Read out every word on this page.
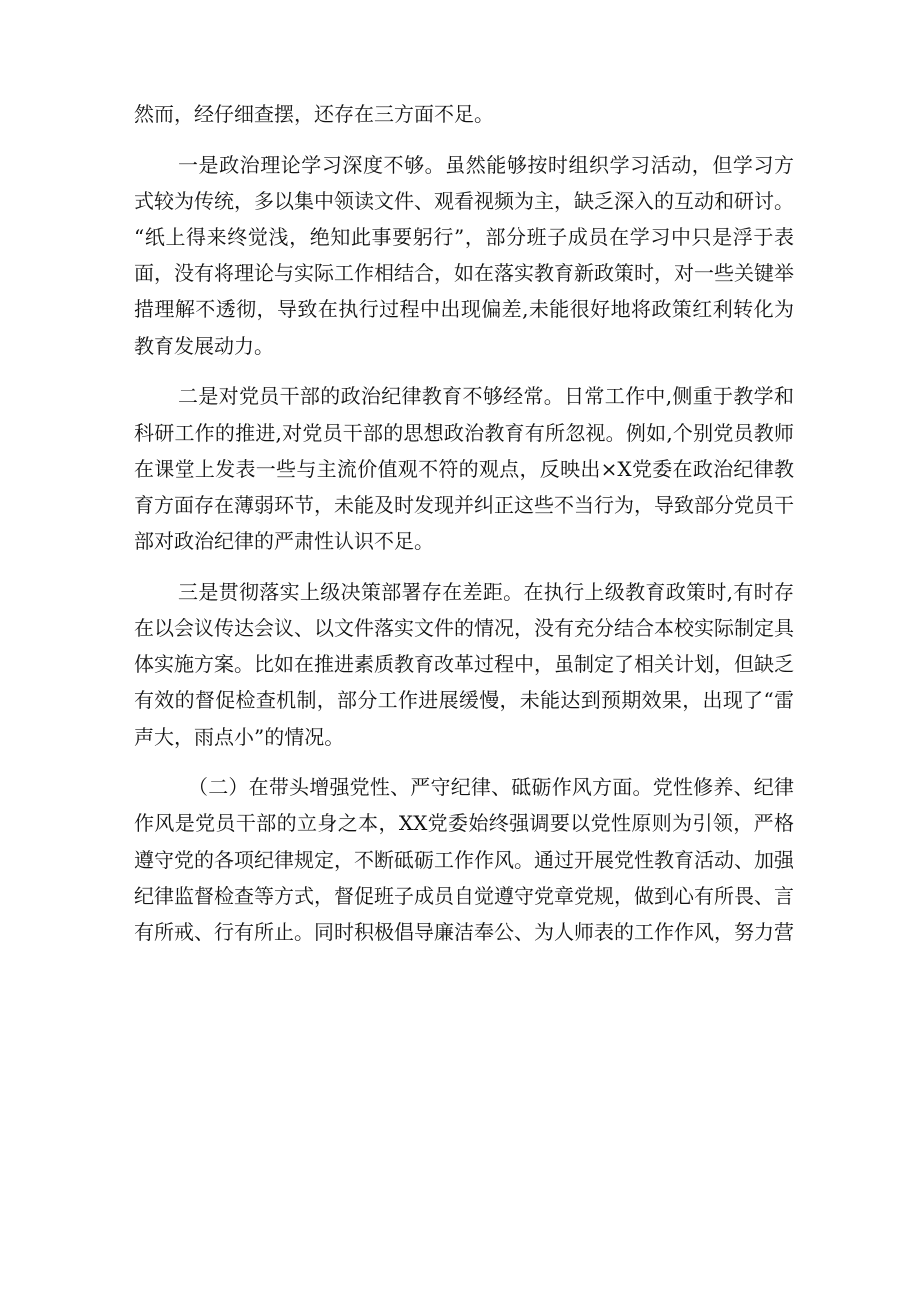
然而，经仔细查摆，还存在三方面不足。
一是政治理论学习深度不够。虽然能够按时组织学习活动，但学习方
式较为传统，多以集中领读文件、观看视频为主，缺乏深入的互动和研讨。
“纸上得来终觉浅，绝知此事要躬行”，部分班子成员在学习中只是浮于表
面，没有将理论与实际工作相结合，如在落实教育新政策时，对一些关键举
措理解不透彻，导致在执行过程中出现偏差,未能很好地将政策红利转化为
教育发展动力。
二是对党员干部的政治纪律教育不够经常。日常工作中,侧重于教学和
科研工作的推进,对党员干部的思想政治教育有所忽视。例如,个别党员教师
在课堂上发表一些与主流价值观不符的观点，反映出×X党委在政治纪律教
育方面存在薄弱环节，未能及时发现并纠正这些不当行为，导致部分党员干
部对政治纪律的严肃性认识不足。
三是贯彻落实上级决策部署存在差距。在执行上级教育政策时,有时存
在以会议传达会议、以文件落实文件的情况，没有充分结合本校实际制定具
体实施方案。比如在推进素质教育改革过程中，虽制定了相关计划，但缺乏
有效的督促检查机制，部分工作进展缓慢，未能达到预期效果，出现了“雷
声大，雨点小”的情况。
（二）在带头增强党性、严守纪律、砥砺作风方面。党性修养、纪律
作风是党员干部的立身之本，XX党委始终强调要以党性原则为引领，严格
遵守党的各项纪律规定，不断砥砺工作作风。通过开展党性教育活动、加强
纪律监督检查等方式，督促班子成员自觉遵守党章党规，做到心有所畏、言
有所戒、行有所止。同时积极倡导廉洁奉公、为人师表的工作作风，努力营
